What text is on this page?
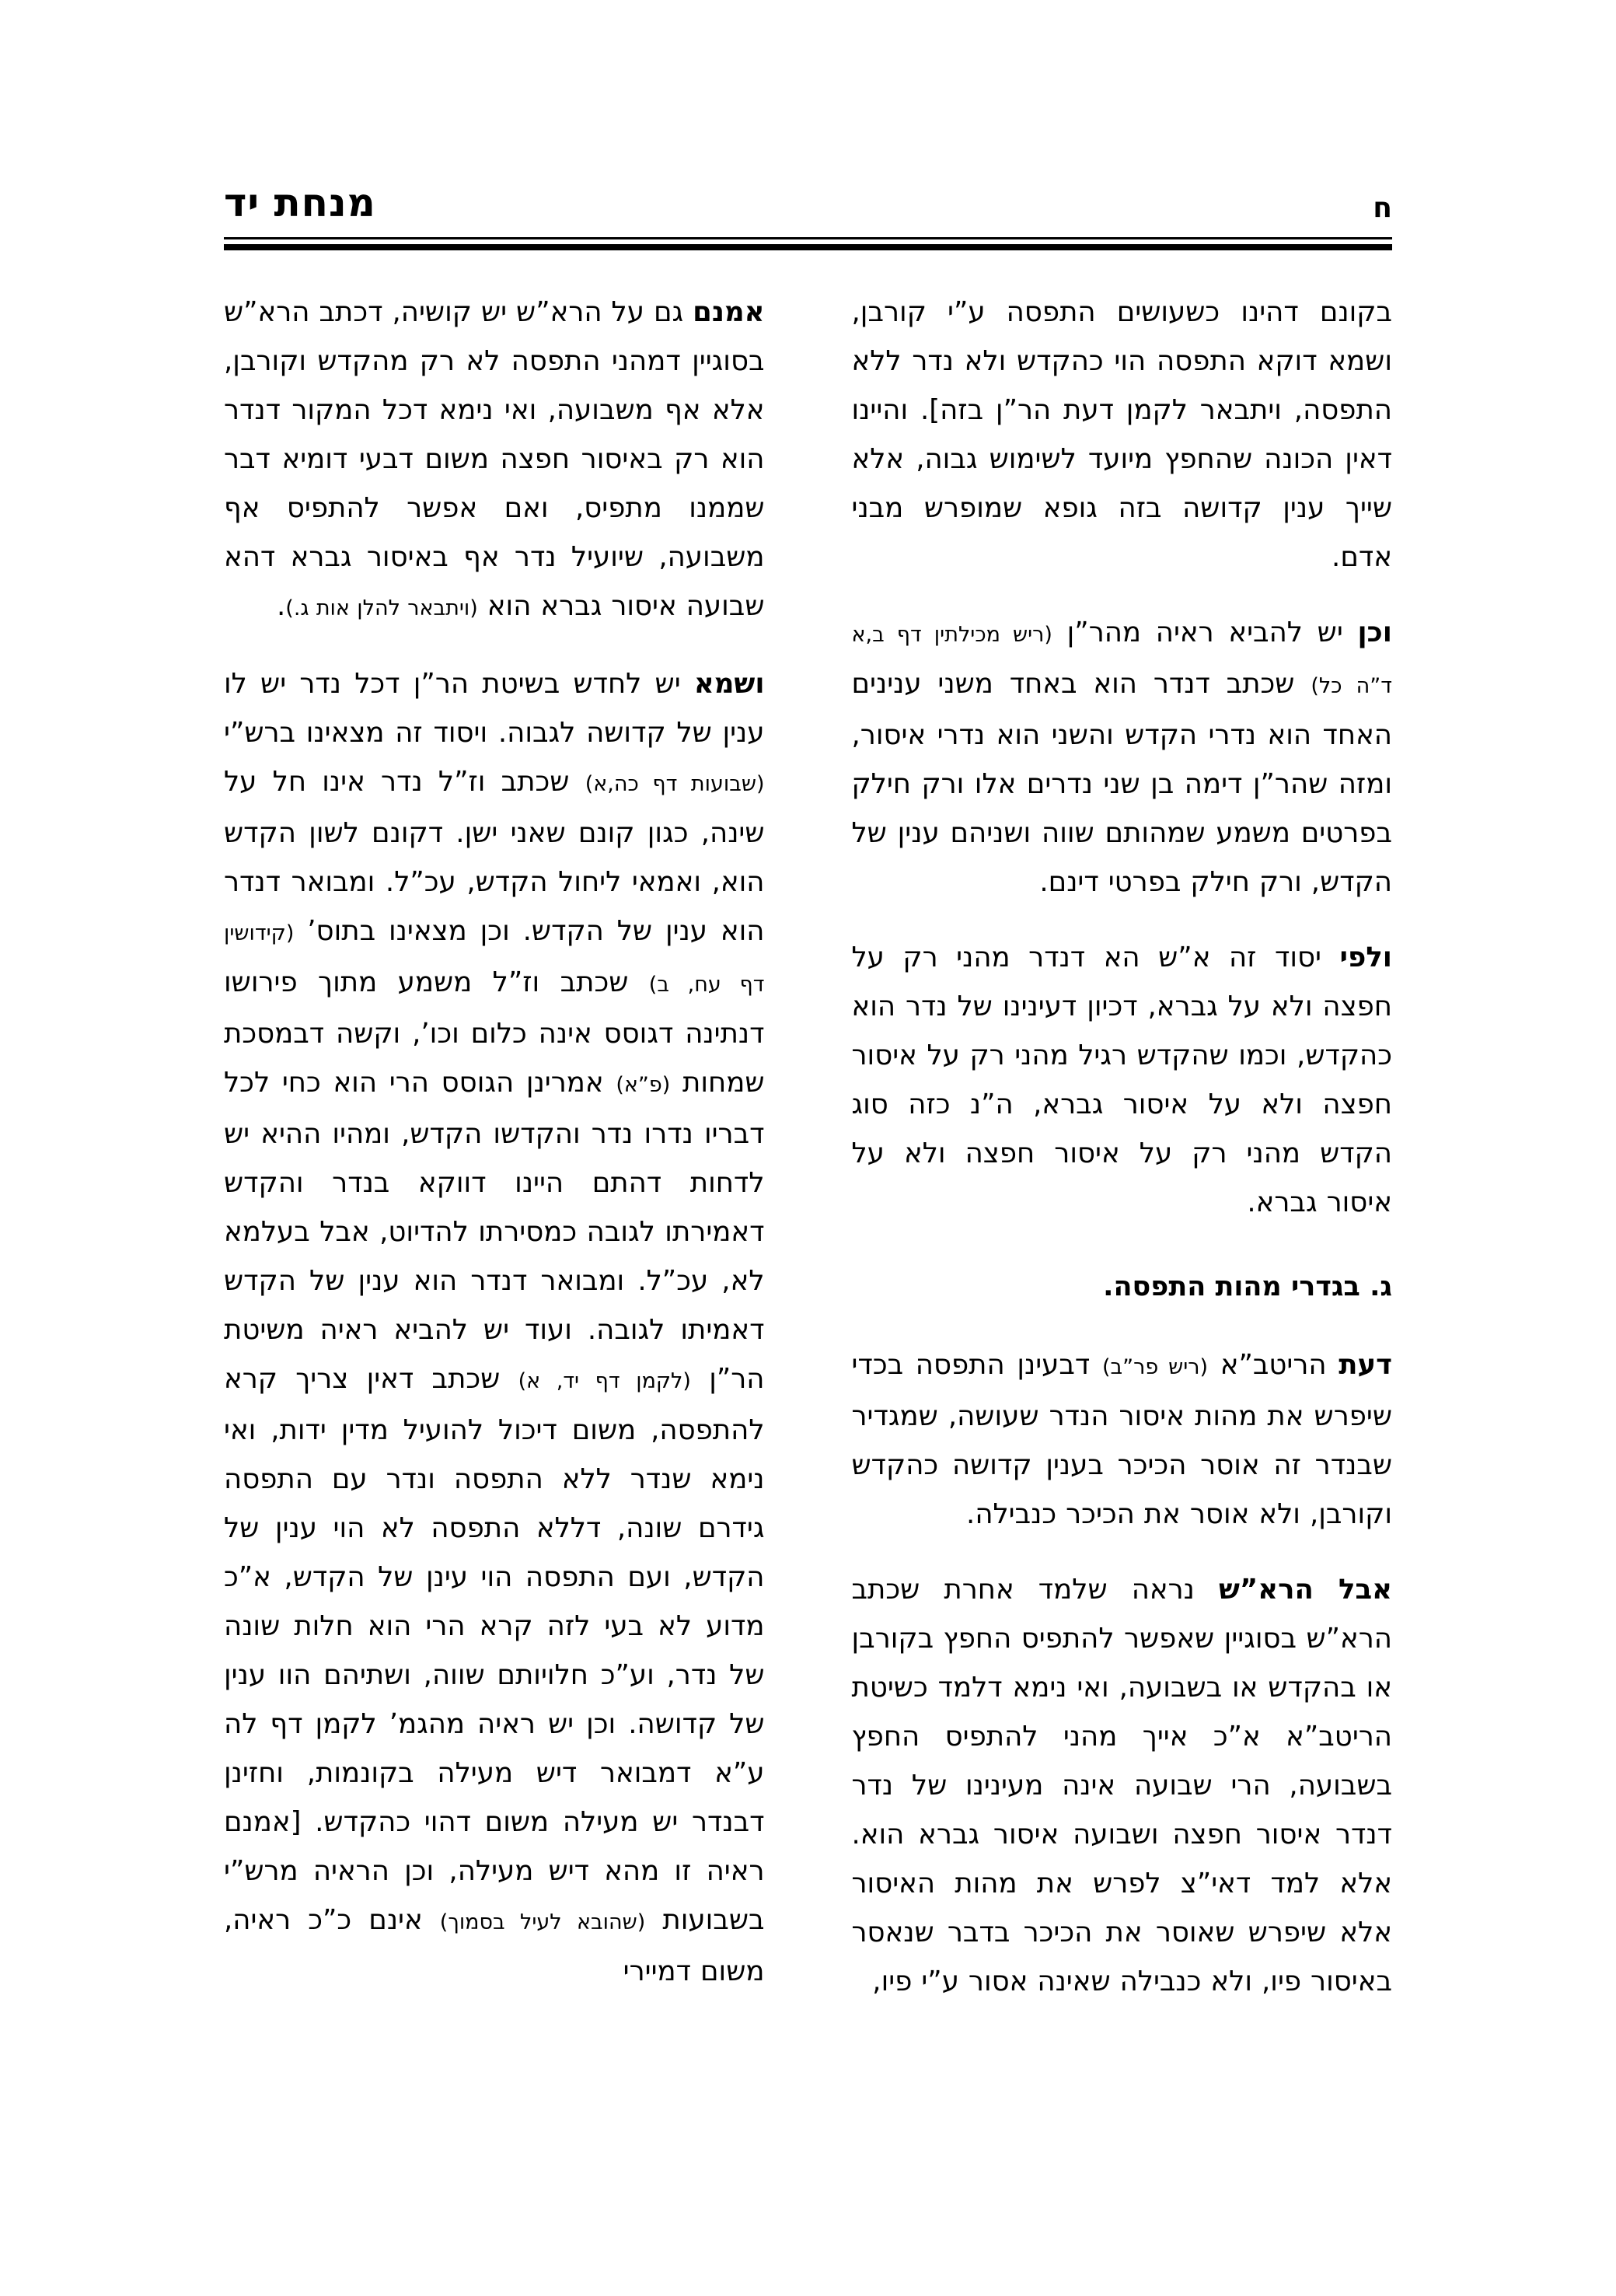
מנחת יד	ח

בקונם דהינו כשעושים התפסה ע”י קורבן, ושמא דוקא התפסה הוי כהקדש ולא נדר ללא התפסה, ויתבאר לקמן דעת הר”ן בזה]. והיינו דאין הכונה שהחפץ מיועד לשימוש גבוה, אלא שייך ענין קדושה בזה גופא שמופרש מבני אדם.

וכן יש להביא ראיה מהר”ן (ריש מכילתין דף ב,א ד”ה כל) שכתב דנדר הוא באחד משני ענינים האחד הוא נדרי הקדש והשני הוא נדרי איסור, ומזה שהר”ן דימה בן שני נדרים אלו ורק חילק בפרטים משמע שמהותם שווה ושניהם ענין של הקדש, ורק חילק בפרטי דינם.

ולפי יסוד זה א”ש הא דנדר מהני רק על חפצה ולא על גברא, דכיון דעינינו של נדר הוא כהקדש, וכמו שהקדש רגיל מהני רק על איסור חפצה ולא על איסור גברא, ה”נ כזה סוג הקדש מהני רק על איסור חפצה ולא על איסור גברא.

ג. בגדרי מהות התפסה.

דעת הריטב”א (ריש פר”ב) דבעינן התפסה בכדי שיפרש את מהות איסור הנדר שעושה, שמגדיר שבנדר זה אוסר הכיכר בענין קדושה כהקדש וקורבן, ולא אוסר את הכיכר כנבילה.

אבל הרא”ש נראה שלמד אחרת שכתב הרא”ש בסוגיין שאפשר להתפיס החפץ בקורבן או בהקדש או בשבועה, ואי נימא דלמד כשיטת הריטב”א א”כ אייך מהני להתפיס החפץ בשבועה, הרי שבועה אינה מעינינו של נדר דנדר איסור חפצה ושבועה איסור גברא הוא. אלא למד דאי”צ לפרש את מהות האיסור אלא שיפרש שאוסר את הכיכר בדבר שנאסר באיסור פיו, ולא כנבילה שאינה אסור ע”י פיו,

אמנם גם על הרא”ש יש קושיה, דכתב הרא”ש בסוגיין דמהני התפסה לא רק מהקדש וקורבן, אלא אף משבועה, ואי נימא דכל המקור דנדר הוא רק באיסור חפצה משום דבעי דומיא דבר שממנו מתפיס, ואם אפשר להתפיס אף משבועה, שיועיל נדר אף באיסור גברא דהא שבועה איסור גברא הוא (ויתבאר להלן אות ג.).

ושמא יש לחדש בשיטת הר”ן דכל נדר יש לו ענין של קדושה לגבוה. ויסוד זה מצאינו ברש”י (שבועות דף כה,א) שכתב וז”ל נדר אינו חל על שינה, כגון קונם שאני ישן. דקונם לשון הקדש הוא, ואמאי ליחול הקדש, עכ”ל. ומבואר דנדר הוא ענין של הקדש. וכן מצאינו בתוס’ (קידושין דף עח, ב) שכתב וז”ל משמע מתוך פירושו דנתינה דגוסס אינה כלום וכו’, וקשה דבמסכת שמחות (פ”א) אמרינן הגוסס הרי הוא כחי לכל דבריו נדרו נדר והקדשו הקדש, ומהיו ההיא יש לדחות דהתם היינו דווקא בנדר והקדש דאמירתו לגובה כמסירתו להדיוט, אבל בעלמא לא, עכ”ל. ומבואר דנדר הוא ענין של הקדש דאמיתו לגובה. ועוד יש להביא ראיה משיטת הר”ן (לקמן דף יד, א) שכתב דאין צריך קרא להתפסה, משום דיכול להועיל מדין ידות, ואי נימא שנדר ללא התפסה ונדר עם התפסה גידרם שונה, דללא התפסה לא הוי ענין של הקדש, ועם התפסה הוי עינן של הקדש, א”כ מדוע לא בעי לזה קרא הרי הוא חלות שונה של נדר, וע”כ חלויותם שווה, ושתיהם הוו ענין של קדושה. וכן יש ראיה מהגמ’ לקמן דף לה ע”א דמבואר דיש מעילה בקונמות, וחזינן דבנדר יש מעילה משום דהוי כהקדש. [אמנם ראיה זו מהא דיש מעילה, וכן הראיה מרש”י בשבועות (שהובא לעיל בסמוך) אינם כ”כ ראיה, משום דמיירי
